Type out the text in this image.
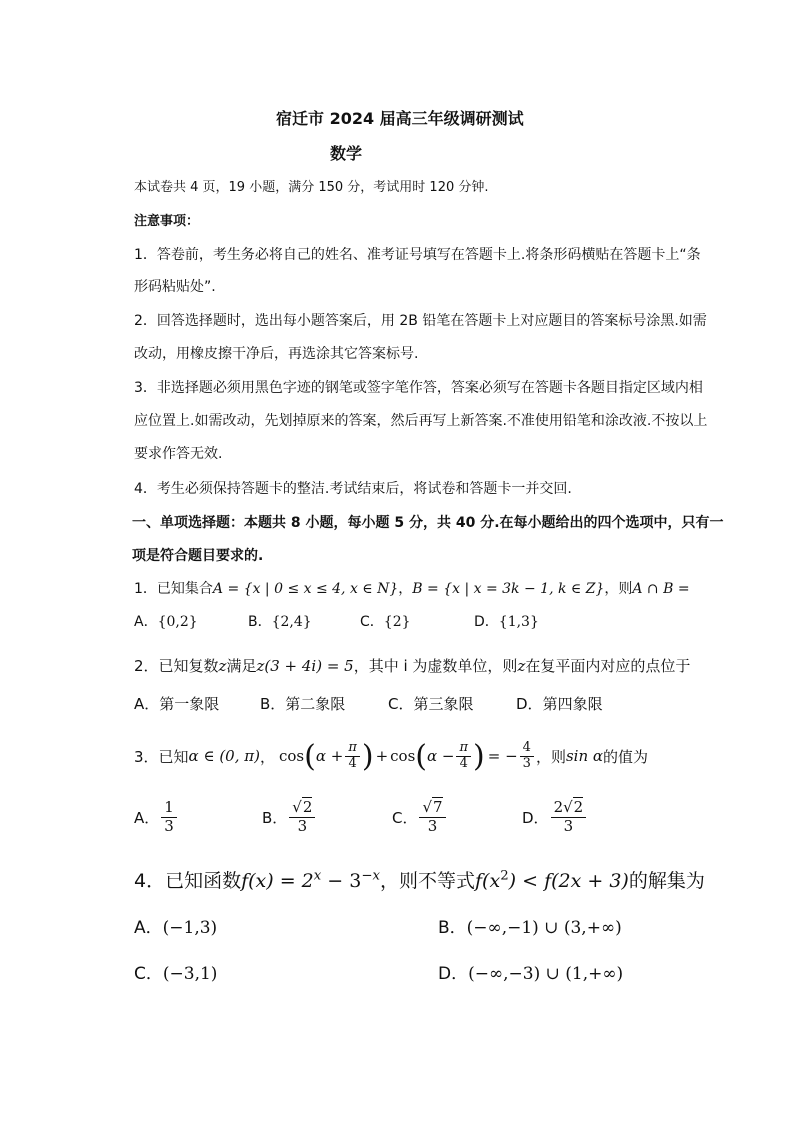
宿迁市 2024 届高三年级调研测试
数学
本试卷共 4 页，19 小题，满分 150 分，考试用时 120 分钟.
注意事项：
1．答卷前，考生务必将自己的姓名、准考证号填写在答题卡上.将条形码横贴在答题卡上“条
形码粘贴处”.
2．回答选择题时，选出每小题答案后，用 2B 铅笔在答题卡上对应题目的答案标号涂黑.如需
改动，用橡皮擦干净后，再选涂其它答案标号.
3．非选择题必须用黑色字迹的钢笔或签字笔作答，答案必须写在答题卡各题目指定区域内相
应位置上.如需改动，先划掉原来的答案，然后再写上新答案.不准使用铅笔和涂改液.不按以上
要求作答无效.
4．考生必须保持答题卡的整洁.考试结束后，将试卷和答题卡一并交回.
一、单项选择题：本题共 8 小题，每小题 5 分，共 40 分.在每小题给出的四个选项中，只有一
项是符合题目要求的.
1．已知集合A = {x | 0 ≤ x ≤ 4, x ∈ N}，B = {x | x = 3k − 1, k ∈ Z}，则A ∩ B =
A．{0,2}	B．{2,4}	C．{2}	D．{1,3}
2．已知复数z满足z(3 + 4i) = 5，其中 i 为虚数单位，则z在复平面内对应的点位于
A．第一象限	B．第二象限	C．第三象限	D．第四象限
3．已知 α ∈ (0, π) ， cos ( $\alpha + \frac{\pi}{4}$ ) + cos ( $\alpha - \frac{\pi}{4}$ ) = − $\frac{4}{3}$ ，则 sin α 的值为
A． $\frac{1}{3}$	B． $\frac{√2}{3}$	C． $\frac{√7}{3}$	D． $\frac{2√2}{3}$
4．已知函数$f(x) = 2^x - 3^{-x}$，则不等式$f(x^2) < f(2x + 3)$的解集为
A．(−1,3)	B．(−∞,−1) ∪ (3,+∞)
C．(−3,1)	D．(−∞,−3) ∪ (1,+∞)
